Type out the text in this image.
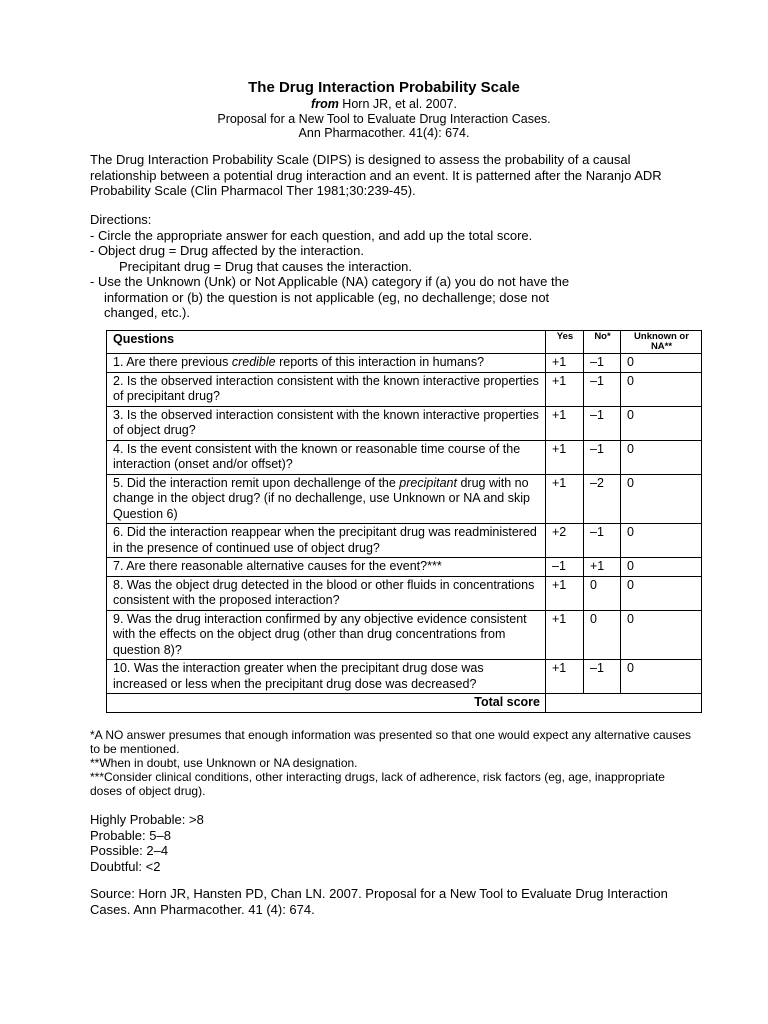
The Drug Interaction Probability Scale
from Horn JR, et al. 2007.
Proposal for a New Tool to Evaluate Drug Interaction Cases.
Ann Pharmacother. 41(4): 674.
The Drug Interaction Probability Scale (DIPS) is designed to assess the probability of a causal relationship between a potential drug interaction and an event. It is patterned after the Naranjo ADR Probability Scale (Clin Pharmacol Ther 1981;30:239-45).
Directions:
- Circle the appropriate answer for each question, and add up the total score.
- Object drug = Drug affected by the interaction.
Precipitant drug = Drug that causes the interaction.
- Use the Unknown (Unk) or Not Applicable (NA) category if (a) you do not have the
information or (b) the question is not applicable (eg, no dechallenge; dose not
changed, etc.).
Questions	Yes	No*	Unknown or NA**
1. Are there previous credible reports of this interaction in humans?	+1	–1	0
2. Is the observed interaction consistent with the known interactive properties of precipitant drug?	+1	–1	0
3. Is the observed interaction consistent with the known interactive properties of object drug?	+1	–1	0
4. Is the event consistent with the known or reasonable time course of the interaction (onset and/or offset)?	+1	–1	0
5. Did the interaction remit upon dechallenge of the precipitant drug with no change in the object drug? (if no dechallenge, use Unknown or NA and skip Question 6)	+1	–2	0
6. Did the interaction reappear when the precipitant drug was readministered in the presence of continued use of object drug?	+2	–1	0
7. Are there reasonable alternative causes for the event?***	–1	+1	0
8. Was the object drug detected in the blood or other fluids in concentrations consistent with the proposed interaction?	+1	0	0
9. Was the drug interaction confirmed by any objective evidence consistent with the effects on the object drug (other than drug concentrations from question 8)?	+1	0	0
10. Was the interaction greater when the precipitant drug dose was increased or less when the precipitant drug dose was decreased?	+1	–1	0
Total score			
*A NO answer presumes that enough information was presented so that one would expect any alternative causes to be mentioned.
**When in doubt, use Unknown or NA designation.
***Consider clinical conditions, other interacting drugs, lack of adherence, risk factors (eg, age, inappropriate doses of object drug).
Highly Probable: >8
Probable: 5–8
Possible: 2–4
Doubtful: <2
Source: Horn JR, Hansten PD, Chan LN. 2007. Proposal for a New Tool to Evaluate Drug Interaction Cases. Ann Pharmacother. 41 (4): 674.
